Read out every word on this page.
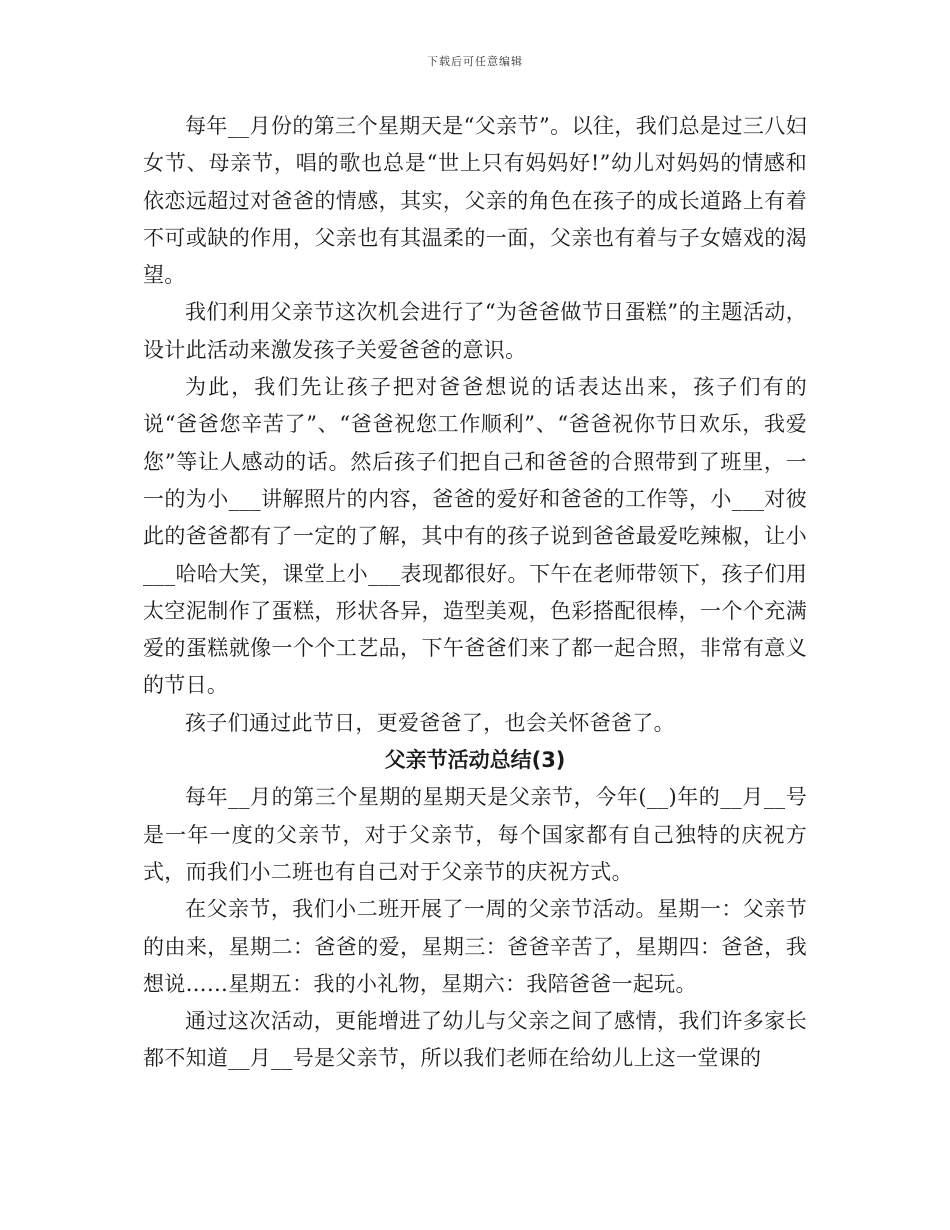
下载后可任意编辑

每年__月份的第三个星期天是“父亲节”。以往，我们总是过三八妇女节、母亲节，唱的歌也总是“世上只有妈妈好!”幼儿对妈妈的情感和依恋远超过对爸爸的情感，其实，父亲的角色在孩子的成长道路上有着不可或缺的作用，父亲也有其温柔的一面，父亲也有着与子女嬉戏的渴望。

我们利用父亲节这次机会进行了“为爸爸做节日蛋糕”的主题活动，设计此活动来激发孩子关爱爸爸的意识。

为此，我们先让孩子把对爸爸想说的话表达出来，孩子们有的说“爸爸您辛苦了”、“爸爸祝您工作顺利”、“爸爸祝你节日欢乐，我爱您”等让人感动的话。然后孩子们把自己和爸爸的合照带到了班里，一一的为小___讲解照片的内容，爸爸的爱好和爸爸的工作等，小___对彼此的爸爸都有了一定的了解，其中有的孩子说到爸爸最爱吃辣椒，让小___哈哈大笑，课堂上小___表现都很好。下午在老师带领下，孩子们用太空泥制作了蛋糕，形状各异，造型美观，色彩搭配很棒，一个个充满爱的蛋糕就像一个个工艺品，下午爸爸们来了都一起合照，非常有意义的节日。

孩子们通过此节日，更爱爸爸了，也会关怀爸爸了。

父亲节活动总结(3)

每年__月的第三个星期的星期天是父亲节，今年(__)年的__月__号是一年一度的父亲节，对于父亲节，每个国家都有自己独特的庆祝方式，而我们小二班也有自己对于父亲节的庆祝方式。

在父亲节，我们小二班开展了一周的父亲节活动。星期一：父亲节的由来，星期二：爸爸的爱，星期三：爸爸辛苦了，星期四：爸爸，我想说……星期五：我的小礼物，星期六：我陪爸爸一起玩。

通过这次活动，更能增进了幼儿与父亲之间了感情，我们许多家长都不知道__月__号是父亲节，所以我们老师在给幼儿上这一堂课的
